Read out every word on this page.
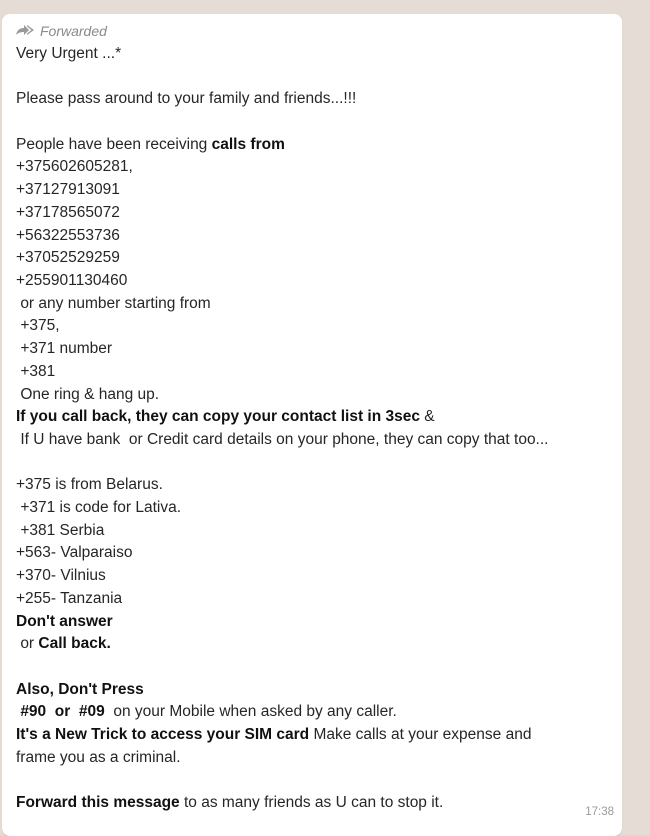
Forwarded
Very Urgent ...*
Please pass around to your family and friends...!!!
People have been receiving calls from
+375602605281,
+37127913091
+37178565072
+56322553736
+37052529259
+255901130460
or any number starting from
+375,
+371 number
+381
One ring & hang up.
If you call back, they can copy your contact list in 3sec &
If U have bank  or Credit card details on your phone, they can copy that too...
+375 is from Belarus.
+371 is code for Lativa.
+381 Serbia
+563- Valparaiso
+370- Vilnius
+255- Tanzania
Don't answer
or Call back.
Also, Don't Press
#90  or  #09  on your Mobile when asked by any caller.
It's a New Trick to access your SIM card Make calls at your expense and
frame you as a criminal.
Forward this message to as many friends as U can to stop it.
17:38
